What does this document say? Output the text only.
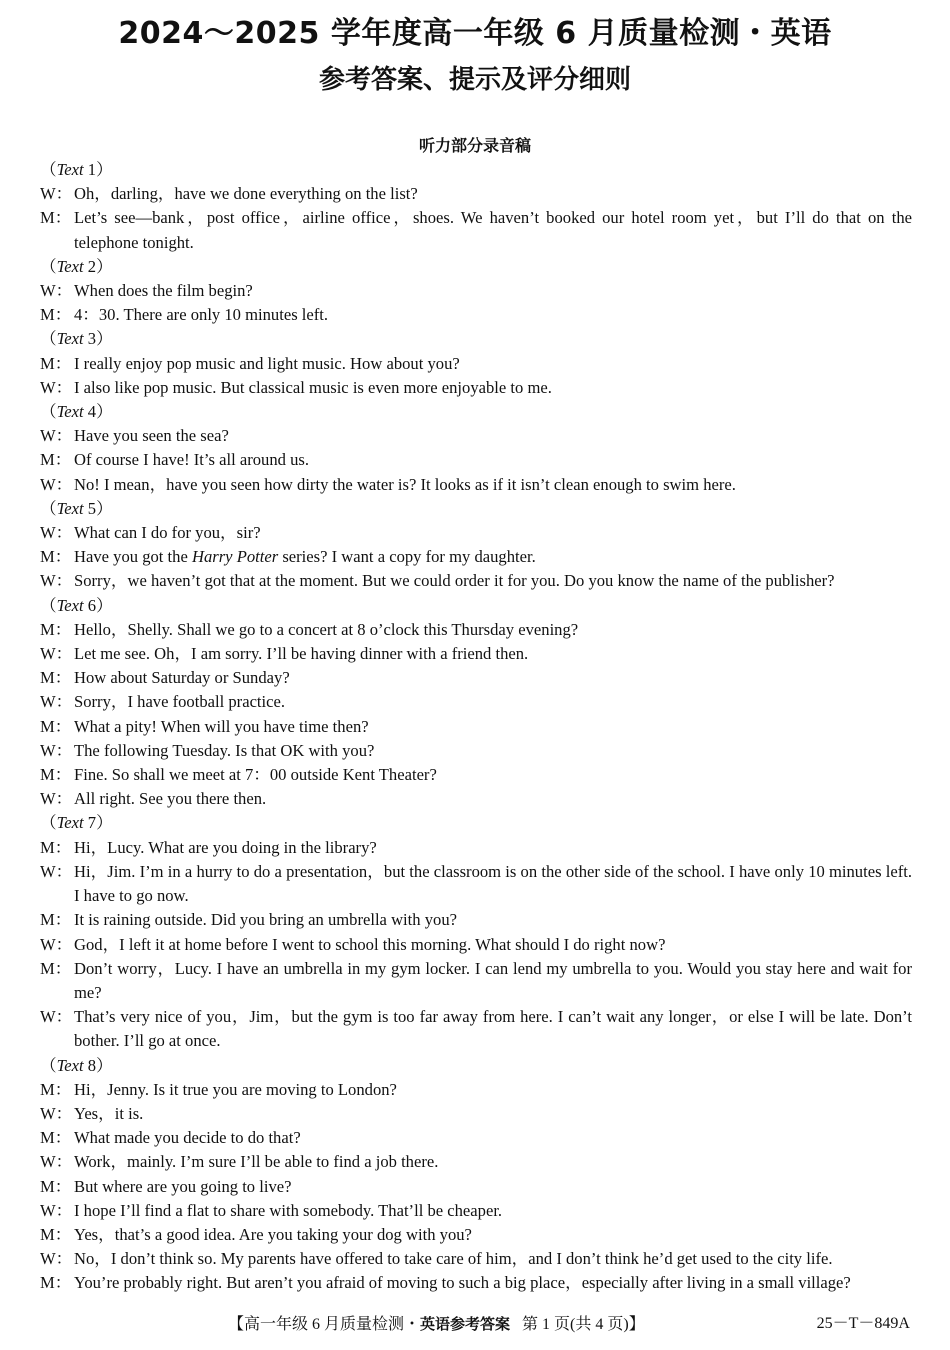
2024～2025 学年度高一年级 6 月质量检测・英语
参考答案、提示及评分细则
听力部分录音稿
（Text 1）
W： Oh，darling，have we done everything on the list?
M： Let’s see—bank，post office，airline office，shoes. We haven’t booked our hotel room yet，but I’ll do that on the telephone tonight.
（Text 2）
W： When does the film begin?
M： 4：30. There are only 10 minutes left.
（Text 3）
M： I really enjoy pop music and light music. How about you?
W： I also like pop music. But classical music is even more enjoyable to me.
（Text 4）
W： Have you seen the sea?
M： Of course I have! It’s all around us.
W： No! I mean，have you seen how dirty the water is? It looks as if it isn’t clean enough to swim here.
（Text 5）
W： What can I do for you，sir?
M： Have you got the Harry Potter series? I want a copy for my daughter.
W： Sorry，we haven’t got that at the moment. But we could order it for you. Do you know the name of the publisher?
（Text 6）
M： Hello，Shelly. Shall we go to a concert at 8 o’clock this Thursday evening?
W： Let me see. Oh，I am sorry. I’ll be having dinner with a friend then.
M： How about Saturday or Sunday?
W： Sorry，I have football practice.
M： What a pity! When will you have time then?
W： The following Tuesday. Is that OK with you?
M： Fine. So shall we meet at 7：00 outside Kent Theater?
W： All right. See you there then.
（Text 7）
M： Hi，Lucy. What are you doing in the library?
W： Hi，Jim. I’m in a hurry to do a presentation，but the classroom is on the other side of the school. I have only 10 minutes left. I have to go now.
M： It is raining outside. Did you bring an umbrella with you?
W： God，I left it at home before I went to school this morning. What should I do right now?
M： Don’t worry，Lucy. I have an umbrella in my gym locker. I can lend my umbrella to you. Would you stay here and wait for me?
W： That’s very nice of you，Jim，but the gym is too far away from here. I can’t wait any longer，or else I will be late. Don’t bother. I’ll go at once.
（Text 8）
M： Hi，Jenny. Is it true you are moving to London?
W： Yes，it is.
M： What made you decide to do that?
W： Work，mainly. I’m sure I’ll be able to find a job there.
M： But where are you going to live?
W： I hope I’ll find a flat to share with somebody. That’ll be cheaper.
M： Yes，that’s a good idea. Are you taking your dog with you?
W： No，I don’t think so. My parents have offered to take care of him，and I don’t think he’d get used to the city life.
M： You’re probably right. But aren’t you afraid of moving to such a big place，especially after living in a small village?
【高一年级 6 月质量检测・英语参考答案 第 1 页(共 4 页)】	25－T－849A
